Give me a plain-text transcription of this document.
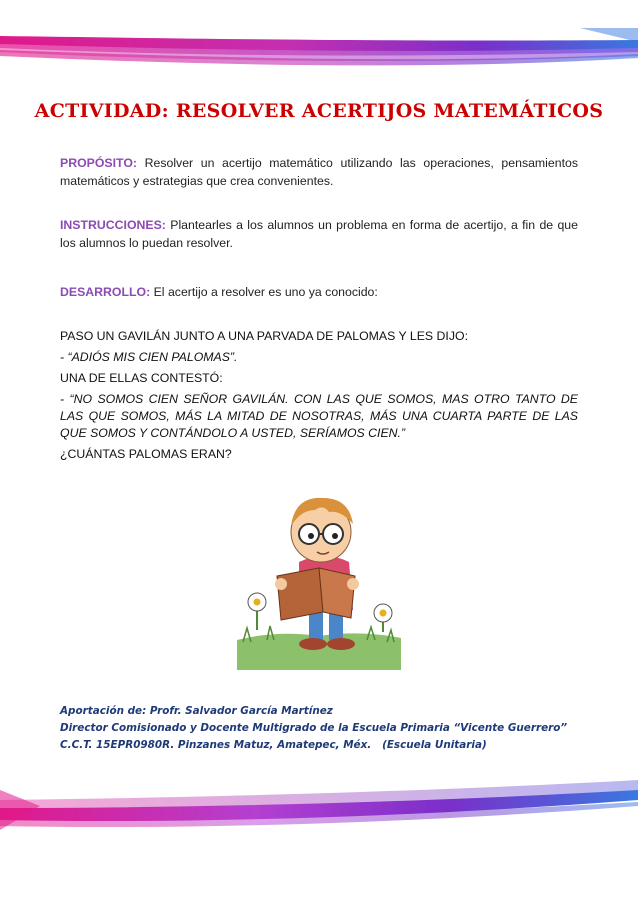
ACTIVIDAD: RESOLVER ACERTIJOS MATEMÁTICOS
PROPÓSITO: Resolver un acertijo matemático utilizando las operaciones, pensamientos matemáticos y estrategias que crea convenientes.
INSTRUCCIONES: Plantearles a los alumnos un problema en forma de acertijo, a fin de que los alumnos lo puedan resolver.
DESARROLLO: El acertijo a resolver es uno ya conocido:

PASO UN GAVILÁN JUNTO A UNA PARVADA DE PALOMAS Y LES DIJO:

- “ADIÓS MIS CIEN PALOMAS”.

UNA DE ELLAS CONTESTÓ:

- “NO SOMOS CIEN SEÑOR GAVILÁN. CON LAS QUE SOMOS, MAS OTRO TANTO DE LAS QUE SOMOS, MÁS LA MITAD DE NOSOTRAS, MÁS UNA CUARTA PARTE DE LAS QUE SOMOS Y CONTÁNDOLO A USTED, SERÍAMOS CIEN.”

¿CUÁNTAS PALOMAS ERAN?

Aportación de: Profr. Salvador García Martínez
Director Comisionado y Docente Multigrado de la Escuela Primaria “Vicente Guerrero”
C.C.T. 15EPR0980R. Pinzanes Matuz, Amatepec, Méx.   (Escuela Unitaria)
